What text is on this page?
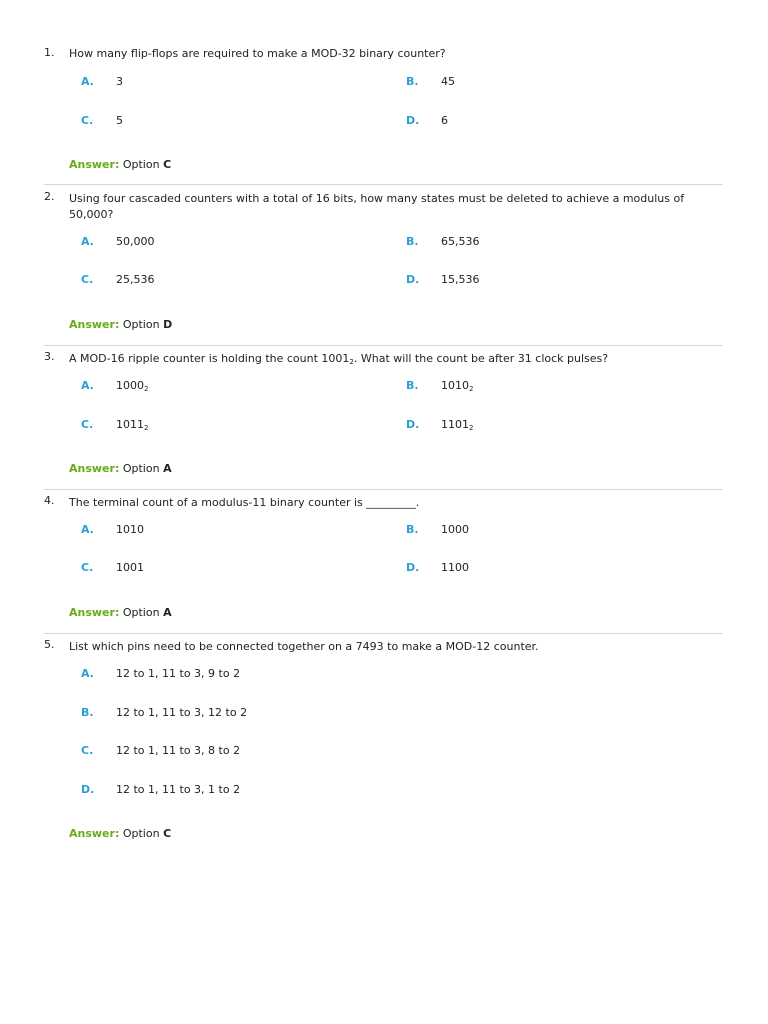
1. How many flip-flops are required to make a MOD-32 binary counter?
A. 3	B. 45
C. 5	D. 6
Answer: Option C
2. Using four cascaded counters with a total of 16 bits, how many states must be deleted to achieve a modulus of 50,000?
A. 50,000	B. 65,536
C. 25,536	D. 15,536
Answer: Option D
3. A MOD-16 ripple counter is holding the count $1001_2$. What will the count be after 31 clock pulses?
A. $1000_2$	B. $1010_2$
C. $1011_2$	D. $1101_2$
Answer: Option A
4. The terminal count of a modulus-11 binary counter is _________.
A. 1010	B. 1000
C. 1001	D. 1100
Answer: Option A
5. List which pins need to be connected together on a 7493 to make a MOD-12 counter.
A. 12 to 1, 11 to 3, 9 to 2
B. 12 to 1, 11 to 3, 12 to 2
C. 12 to 1, 11 to 3, 8 to 2
D. 12 to 1, 11 to 3, 1 to 2
Answer: Option C
